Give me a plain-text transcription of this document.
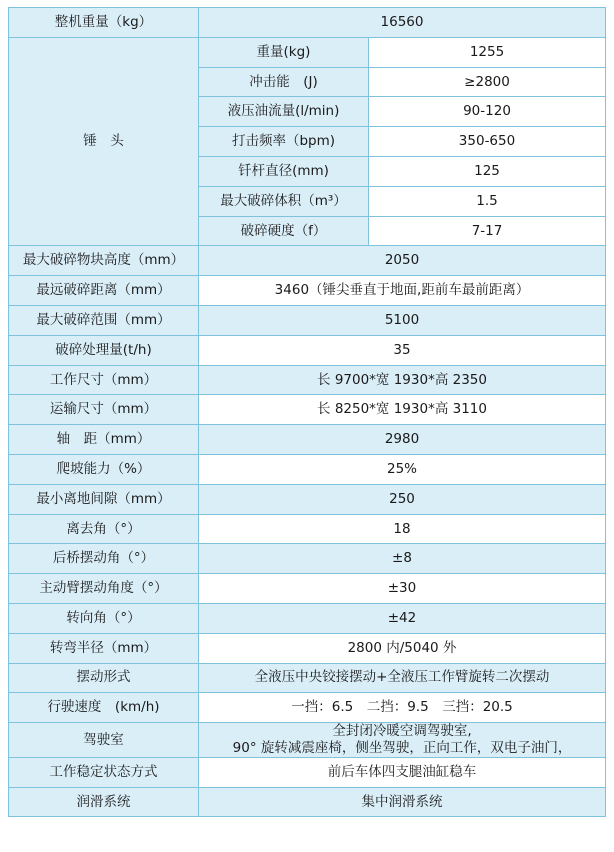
整机重量（kg）	16560	
锤　头	重量(kg)	1255
	冲击能　(J)	≥2800
	液压油流量(l/min)	90-120
	打击频率（bpm)	350-650
	钎杆直径(mm)	125
	最大破碎体积（m³）	1.5
	破碎硬度（f）	7-17
最大破碎物块高度（mm）	2050	
最远破碎距离（mm）	3460（锤尖垂直于地面,距前车最前距离）	
最大破碎范围（mm）	5100	
破碎处理量(t/h)	35	
工作尺寸（mm）	长 9700*宽 1930*高 2350	
运输尺寸（mm）	长 8250*宽 1930*高 3110	
轴　距（mm）	2980	
爬坡能力（%）	25%	
最小离地间隙（mm）	250	
离去角（°）	18	
后桥摆动角（°）	±8	
主动臂摆动角度（°）	±30	
转向角（°）	±42	
转弯半径（mm）	2800 内/5040 外	
摆动形式	全液压中央铰接摆动+全液压工作臂旋转二次摆动	
行驶速度　(km/h)	一挡：6.5　二挡：9.5　三挡：20.5	
驾驶室	全封闭冷暖空调驾驶室,
90° 旋转减震座椅，侧坐驾驶，正向工作，双电子油门，	

工作稳定状态方式	前后车体四支腿油缸稳车	
润滑系统	集中润滑系统	
